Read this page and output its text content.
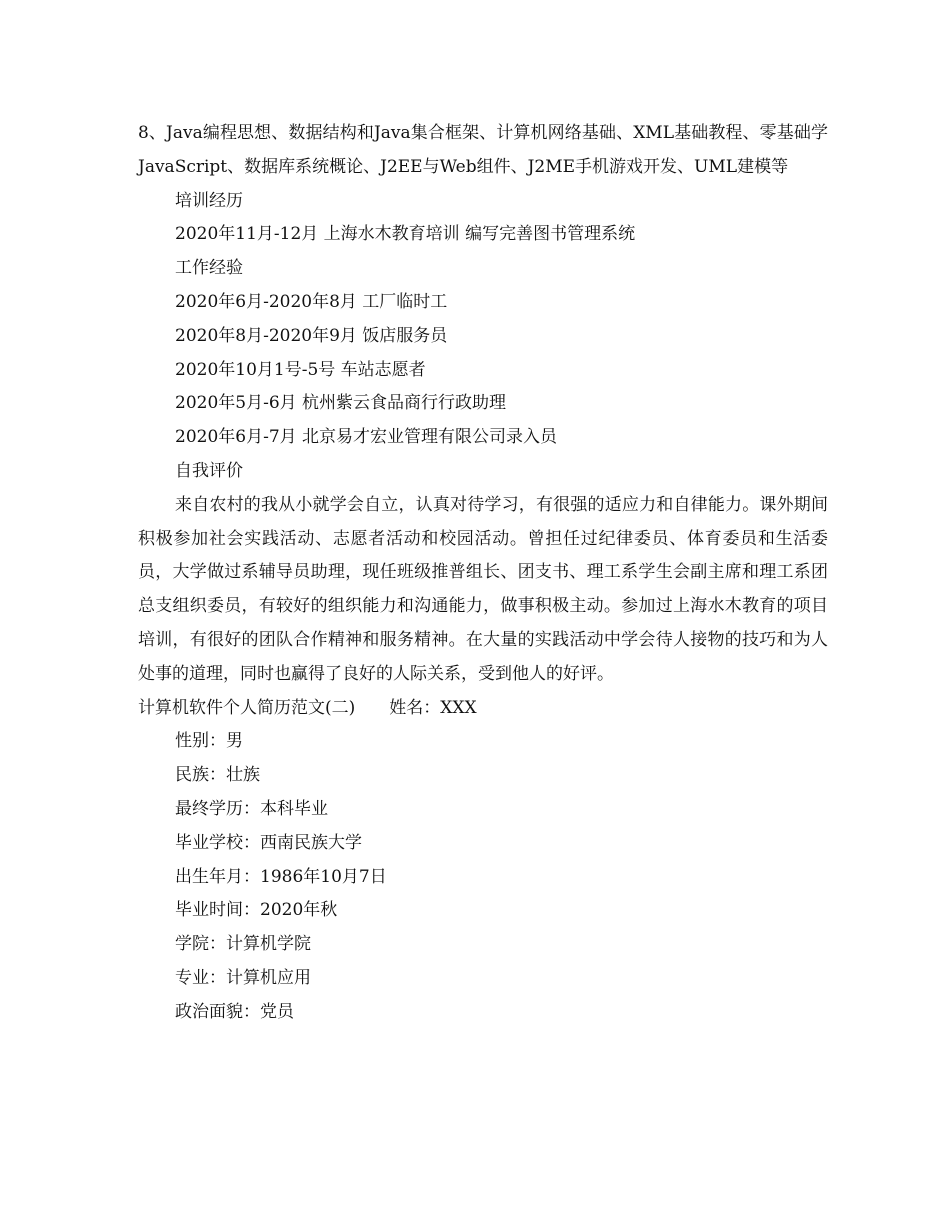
8、Java编程思想、数据结构和Java集合框架、计算机网络基础、XML基础教程、零基础学JavaScript、数据库系统概论、J2EE与Web组件、J2ME手机游戏开发、UML建模等
培训经历
2020年11月-12月 上海水木教育培训 编写完善图书管理系统
工作经验
2020年6月-2020年8月 工厂临时工
2020年8月-2020年9月 饭店服务员
2020年10月1号-5号 车站志愿者
2020年5月-6月 杭州紫云食品商行行政助理
2020年6月-7月 北京易才宏业管理有限公司录入员
自我评价
来自农村的我从小就学会自立，认真对待学习，有很强的适应力和自律能力。课外期间积极参加社会实践活动、志愿者活动和校园活动。曾担任过纪律委员、体育委员和生活委员，大学做过系辅导员助理，现任班级推普组长、团支书、理工系学生会副主席和理工系团总支组织委员，有较好的组织能力和沟通能力，做事积极主动。参加过上海水木教育的项目培训，有很好的团队合作精神和服务精神。在大量的实践活动中学会待人接物的技巧和为人处事的道理，同时也赢得了良好的人际关系，受到他人的好评。
计算机软件个人简历范文(二) 姓名：XXX
性别：男
民族：壮族
最终学历：本科毕业
毕业学校：西南民族大学
出生年月：1986年10月7日
毕业时间：2020年秋
学院：计算机学院
专业：计算机应用
政治面貌：党员
